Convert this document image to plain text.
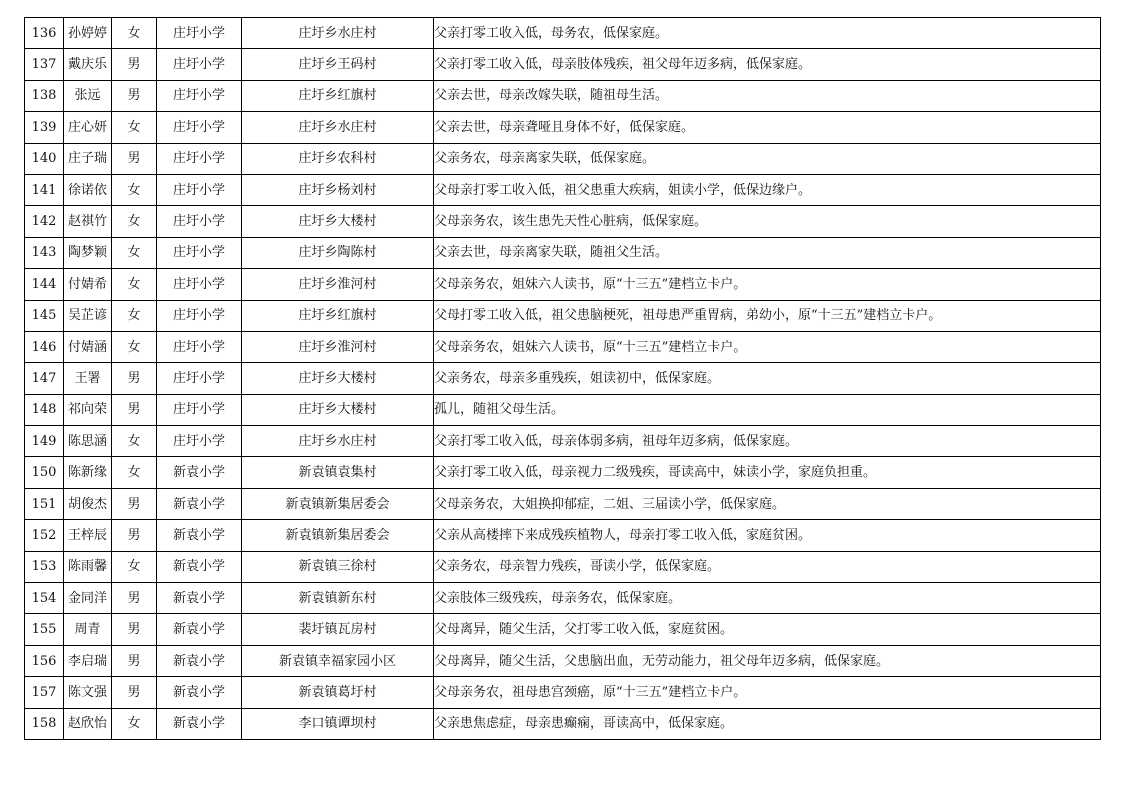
136	孙婷婷	女	庄圩小学	庄圩乡水庄村	父亲打零工收入低，母务农，低保家庭。
137	戴庆乐	男	庄圩小学	庄圩乡王码村	父亲打零工收入低，母亲肢体残疾，祖父母年迈多病，低保家庭。
138	张远	男	庄圩小学	庄圩乡红旗村	父亲去世，母亲改嫁失联，随祖母生活。
139	庄心妍	女	庄圩小学	庄圩乡水庄村	父亲去世，母亲聋哑且身体不好，低保家庭。
140	庄子瑞	男	庄圩小学	庄圩乡农科村	父亲务农，母亲离家失联，低保家庭。
141	徐诺依	女	庄圩小学	庄圩乡杨刘村	父母亲打零工收入低，祖父患重大疾病，姐读小学，低保边缘户。
142	赵祺竹	女	庄圩小学	庄圩乡大楼村	父母亲务农，该生患先天性心脏病，低保家庭。
143	陶梦颖	女	庄圩小学	庄圩乡陶陈村	父亲去世，母亲离家失联，随祖父生活。
144	付婧希	女	庄圩小学	庄圩乡淮河村	父母亲务农，姐妹六人读书，原“十三五”建档立卡户。
145	吴芷谚	女	庄圩小学	庄圩乡红旗村	父母打零工收入低，祖父患脑梗死，祖母患严重胃病，弟幼小，原“十三五”建档立卡户。
146	付婧涵	女	庄圩小学	庄圩乡淮河村	父母亲务农，姐妹六人读书，原“十三五”建档立卡户。
147	王署	男	庄圩小学	庄圩乡大楼村	父亲务农，母亲多重残疾，姐读初中，低保家庭。
148	祁向荣	男	庄圩小学	庄圩乡大楼村	孤儿，随祖父母生活。
149	陈思涵	女	庄圩小学	庄圩乡水庄村	父亲打零工收入低，母亲体弱多病，祖母年迈多病，低保家庭。
150	陈新缘	女	新袁小学	新袁镇袁集村	父亲打零工收入低，母亲视力二级残疾，哥读高中，妹读小学，家庭负担重。
151	胡俊杰	男	新袁小学	新袁镇新集居委会	父母亲务农，大姐换抑郁症，二姐、三届读小学，低保家庭。
152	王梓辰	男	新袁小学	新袁镇新集居委会	父亲从高楼摔下来成残疾植物人，母亲打零工收入低，家庭贫困。
153	陈雨馨	女	新袁小学	新袁镇三徐村	父亲务农，母亲智力残疾，哥读小学，低保家庭。
154	金同洋	男	新袁小学	新袁镇新东村	父亲肢体三级残疾，母亲务农，低保家庭。
155	周青	男	新袁小学	裴圩镇瓦房村	父母离异，随父生活，父打零工收入低，家庭贫困。
156	李启瑞	男	新袁小学	新袁镇幸福家园小区	父母离异，随父生活，父患脑出血，无劳动能力，祖父母年迈多病，低保家庭。
157	陈文强	男	新袁小学	新袁镇葛圩村	父母亲务农，祖母患宫颈癌，原“十三五”建档立卡户。
158	赵欣怡	女	新袁小学	李口镇谭坝村	父亲患焦虑症，母亲患癫痫，哥读高中，低保家庭。
